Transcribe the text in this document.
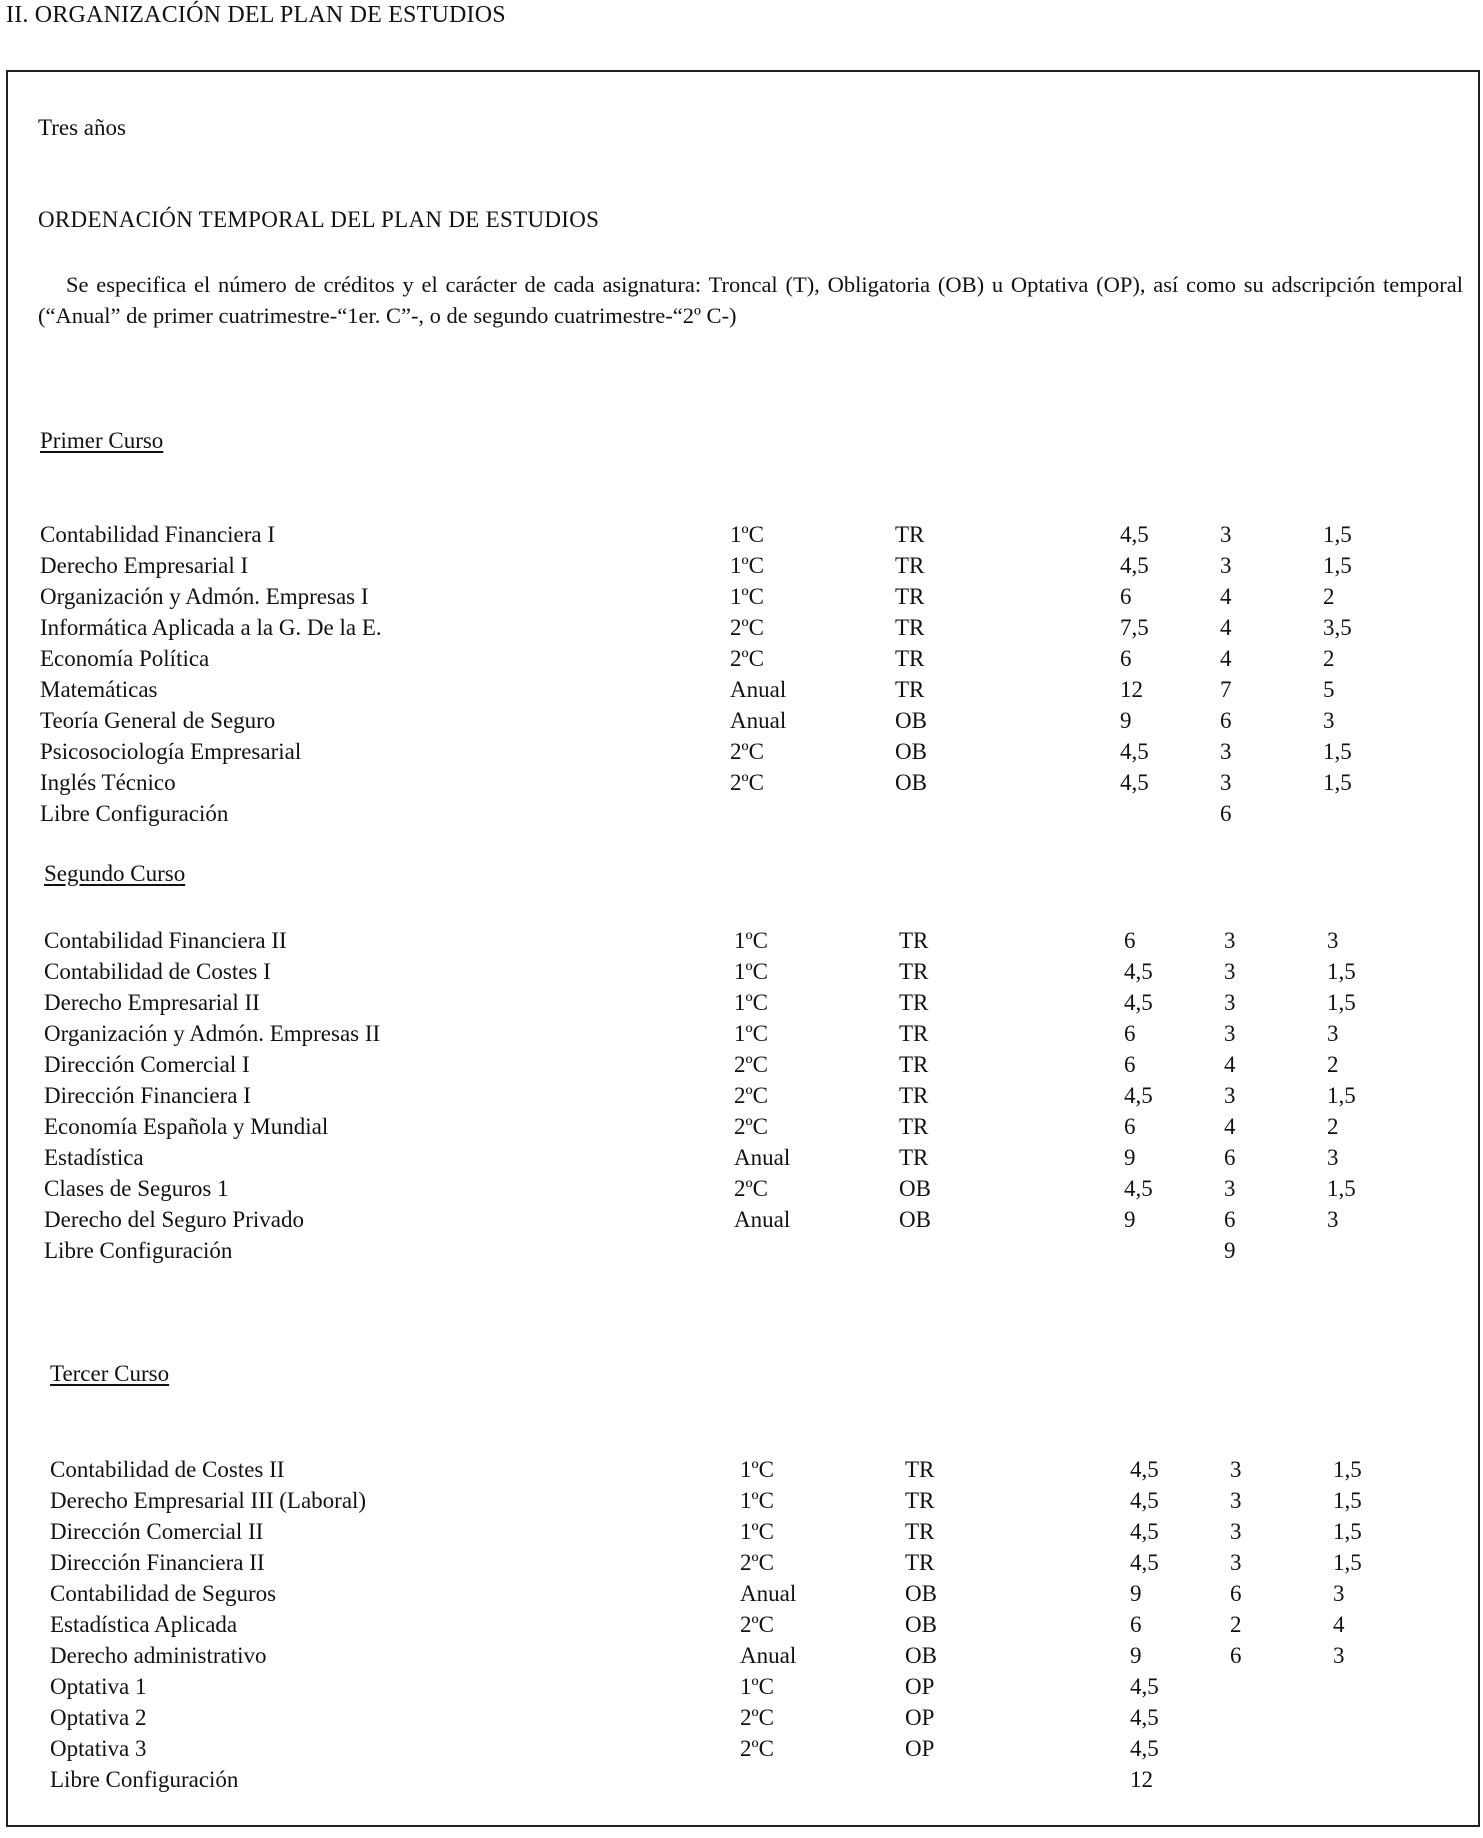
II. ORGANIZACIÓN DEL PLAN DE ESTUDIOS
Tres años
ORDENACIÓN TEMPORAL DEL PLAN DE ESTUDIOS
Se especifica el número de créditos y el carácter de cada asignatura: Troncal (T), Obligatoria (OB) u Optativa (OP), así como su adscripción temporal (“Anual” de primer cuatrimestre-“1er. C”-, o de segundo cuatrimestre-“2º C-)
Primer Curso
Contabilidad Financiera I	1ºC	TR	4,5	3	1,5
Derecho Empresarial I	1ºC	TR	4,5	3	1,5
Organización y Admón. Empresas I	1ºC	TR	6	4	2
Informática Aplicada a la G. De la E.	2ºC	TR	7,5	4	3,5
Economía Política	2ºC	TR	6	4	2
Matemáticas	Anual	TR	12	7	5
Teoría General de Seguro	Anual	OB	9	6	3
Psicosociología Empresarial	2ºC	OB	4,5	3	1,5
Inglés Técnico	2ºC	OB	4,5	3	1,5
Libre Configuración				6	
Segundo Curso
Contabilidad Financiera II	1ºC	TR	6	3	3
Contabilidad de Costes I	1ºC	TR	4,5	3	1,5
Derecho Empresarial II	1ºC	TR	4,5	3	1,5
Organización y Admón. Empresas II	1ºC	TR	6	3	3
Dirección Comercial I	2ºC	TR	6	4	2
Dirección Financiera I	2ºC	TR	4,5	3	1,5
Economía Española y Mundial	2ºC	TR	6	4	2
Estadística	Anual	TR	9	6	3
Clases de Seguros 1	2ºC	OB	4,5	3	1,5
Derecho del Seguro Privado	Anual	OB	9	6	3
Libre Configuración				9	
Tercer Curso
Contabilidad de Costes II	1ºC	TR	4,5	3	1,5
Derecho Empresarial III (Laboral)	1ºC	TR	4,5	3	1,5
Dirección Comercial II	1ºC	TR	4,5	3	1,5
Dirección Financiera II	2ºC	TR	4,5	3	1,5
Contabilidad de Seguros	Anual	OB	9	6	3
Estadística Aplicada	2ºC	OB	6	2	4
Derecho administrativo	Anual	OB	9	6	3
Optativa 1	1ºC	OP	4,5		
Optativa 2	2ºC	OP	4,5		
Optativa 3	2ºC	OP	4,5		
Libre Configuración			12		
